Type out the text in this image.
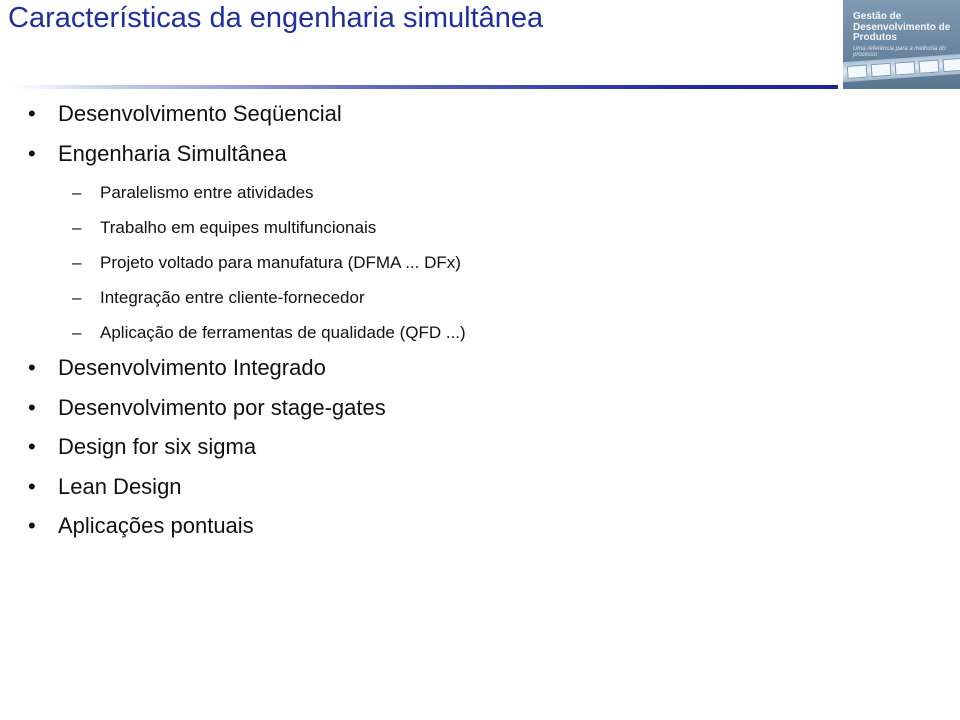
Características da engenharia simultânea	Gestão de
Desenvolvimento de Produtos
Uma referência para a melhoria do processo
• Desenvolvimento Seqüencial
• Engenharia Simultânea
– Paralelismo entre atividades
– Trabalho em equipes multifuncionais
– Projeto voltado para manufatura (DFMA ... DFx)
– Integração entre cliente-fornecedor
– Aplicação de ferramentas de qualidade (QFD ...)
• Desenvolvimento Integrado
• Desenvolvimento por stage-gates
• Design for six sigma
• Lean Design
• Aplicações pontuais
